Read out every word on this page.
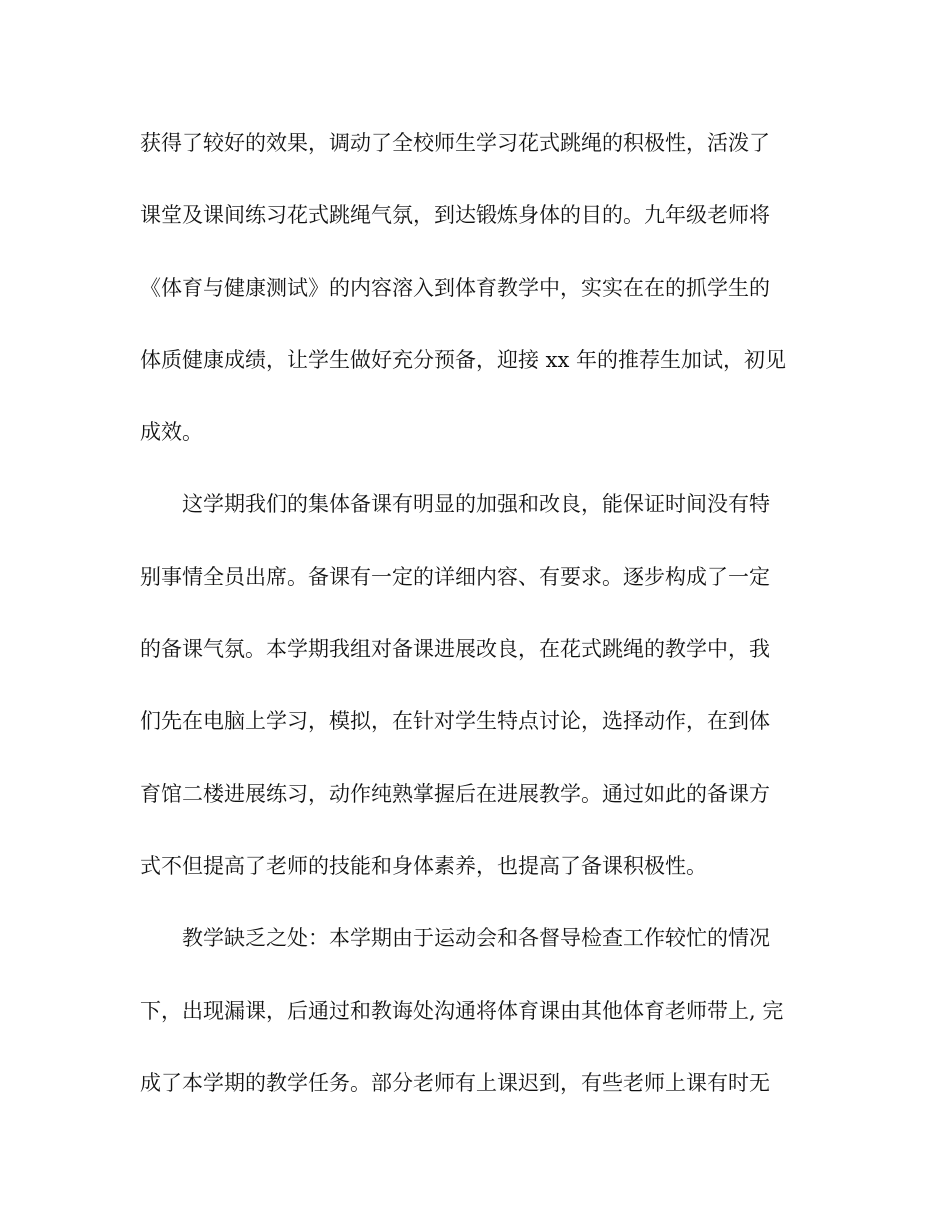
获得了较好的效果，调动了全校师生学习花式跳绳的积极性，活泼了
课堂及课间练习花式跳绳气氛，到达锻炼身体的目的。九年级老师将
《体育与健康测试》的内容溶入到体育教学中，实实在在的抓学生的
体质健康成绩，让学生做好充分预备，迎接 xx 年的推荐生加试，初见
成效。
这学期我们的集体备课有明显的加强和改良，能保证时间没有特
别事情全员出席。备课有一定的详细内容、有要求。逐步构成了一定
的备课气氛。本学期我组对备课进展改良，在花式跳绳的教学中，我
们先在电脑上学习，模拟，在针对学生特点讨论，选择动作，在到体
育馆二楼进展练习，动作纯熟掌握后在进展教学。通过如此的备课方
式不但提高了老师的技能和身体素养，也提高了备课积极性。
教学缺乏之处：本学期由于运动会和各督导检查工作较忙的情况
下，出现漏课，后通过和教诲处沟通将体育课由其他体育老师带上, 完
成了本学期的教学任务。部分老师有上课迟到，有些老师上课有时无
